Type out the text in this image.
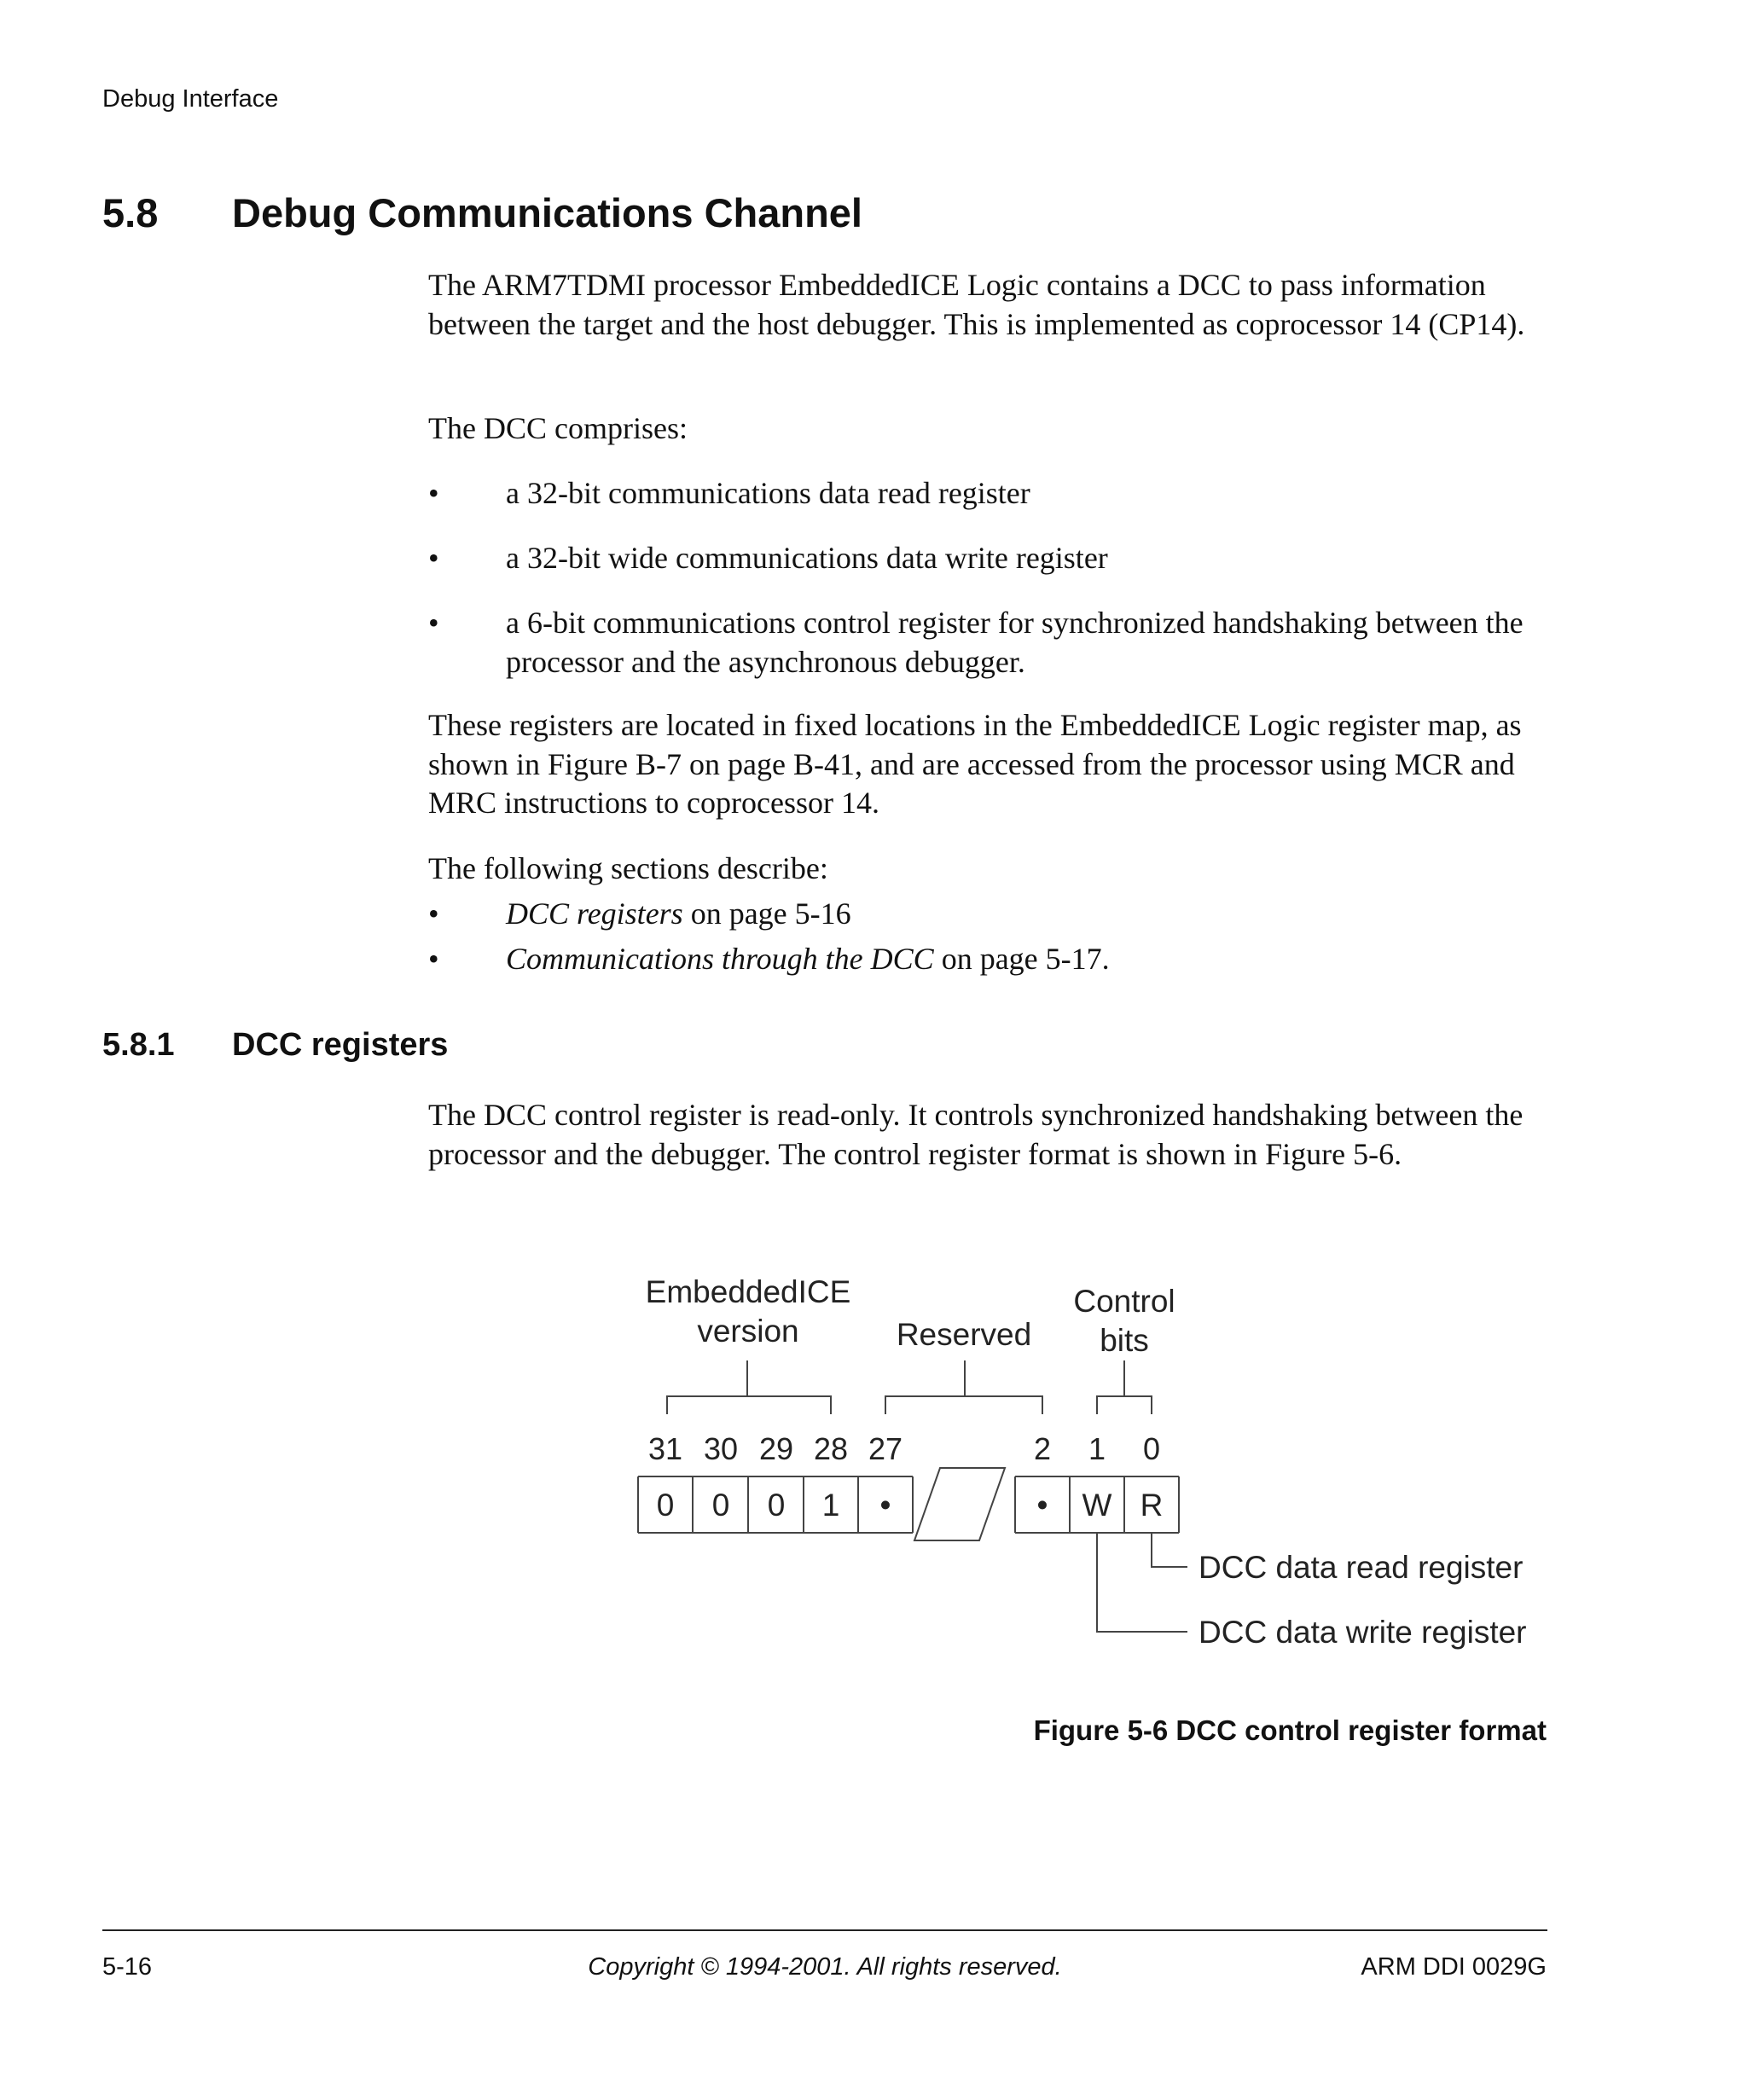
Debug Interface
5.8 Debug Communications Channel

The ARM7TDMI processor EmbeddedICE Logic contains a DCC to pass information between the target and the host debugger. This is implemented as coprocessor 14 (CP14).

The DCC comprises:

• a 32-bit communications data read register
• a 32-bit wide communications data write register
• a 6-bit communications control register for synchronized handshaking between the processor and the asynchronous debugger.

These registers are located in fixed locations in the EmbeddedICE Logic register map, as shown in Figure B-7 on page B-41, and are accessed from the processor using MCR and MRC instructions to coprocessor 14.

The following sections describe:

• DCC registers on page 5-16
• Communications through the DCC on page 5-17.
5.8.1 DCC registers

The DCC control register is read-only. It controls synchronized handshaking between the processor and the debugger. The control register format is shown in Figure 5-6.

EmbeddedICE
version	Reserved
Control
bits
31 30 29 28 27	2 1 0
0 0 0 1 •	• W R
DCC data read register
DCC data write register
Figure 5-6 DCC control register format
5-16	Copyright © 1994-2001. All rights reserved.	ARM DDI 0029G
